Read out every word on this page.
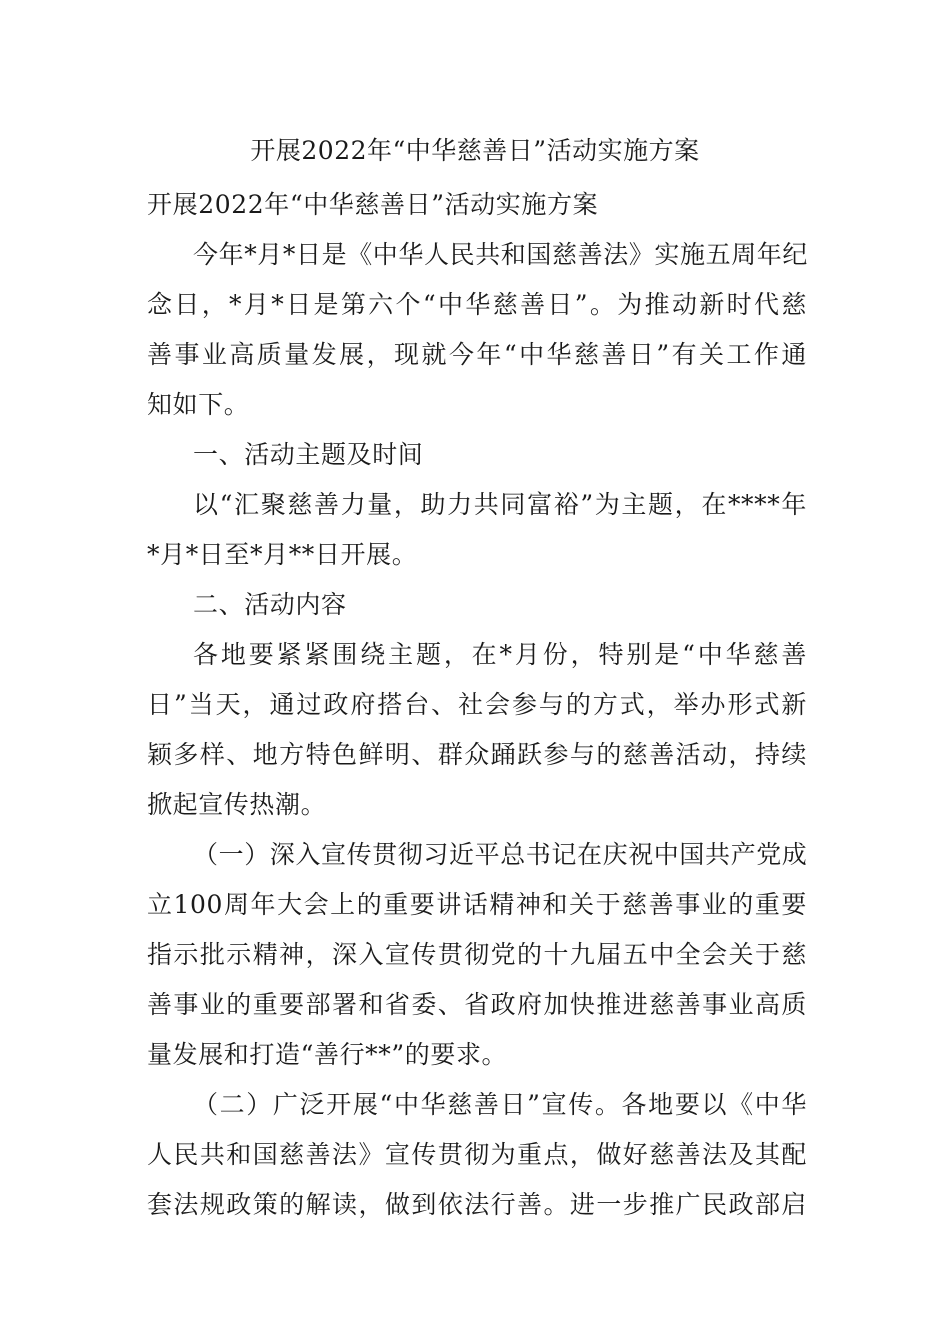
开展2022年“中华慈善日”活动实施方案
开展2022年“中华慈善日”活动实施方案
今年*月*日是《中华人民共和国慈善法》实施五周年纪
念日，*月*日是第六个“中华慈善日”。为推动新时代慈
善事业高质量发展，现就今年“中华慈善日”有关工作通
知如下。
一、活动主题及时间
以“汇聚慈善力量，助力共同富裕”为主题，在****年
*月*日至*月**日开展。
二、活动内容
各地要紧紧围绕主题，在*月份，特别是“中华慈善
日”当天，通过政府搭台、社会参与的方式，举办形式新
颖多样、地方特色鲜明、群众踊跃参与的慈善活动，持续
掀起宣传热潮。
（一）深入宣传贯彻习近平总书记在庆祝中国共产党成
立100周年大会上的重要讲话精神和关于慈善事业的重要
指示批示精神，深入宣传贯彻党的十九届五中全会关于慈
善事业的重要部署和省委、省政府加快推进慈善事业高质
量发展和打造“善行**”的要求。
（二）广泛开展“中华慈善日”宣传。各地要以《中华
人民共和国慈善法》宣传贯彻为重点，做好慈善法及其配
套法规政策的解读，做到依法行善。进一步推广民政部启
